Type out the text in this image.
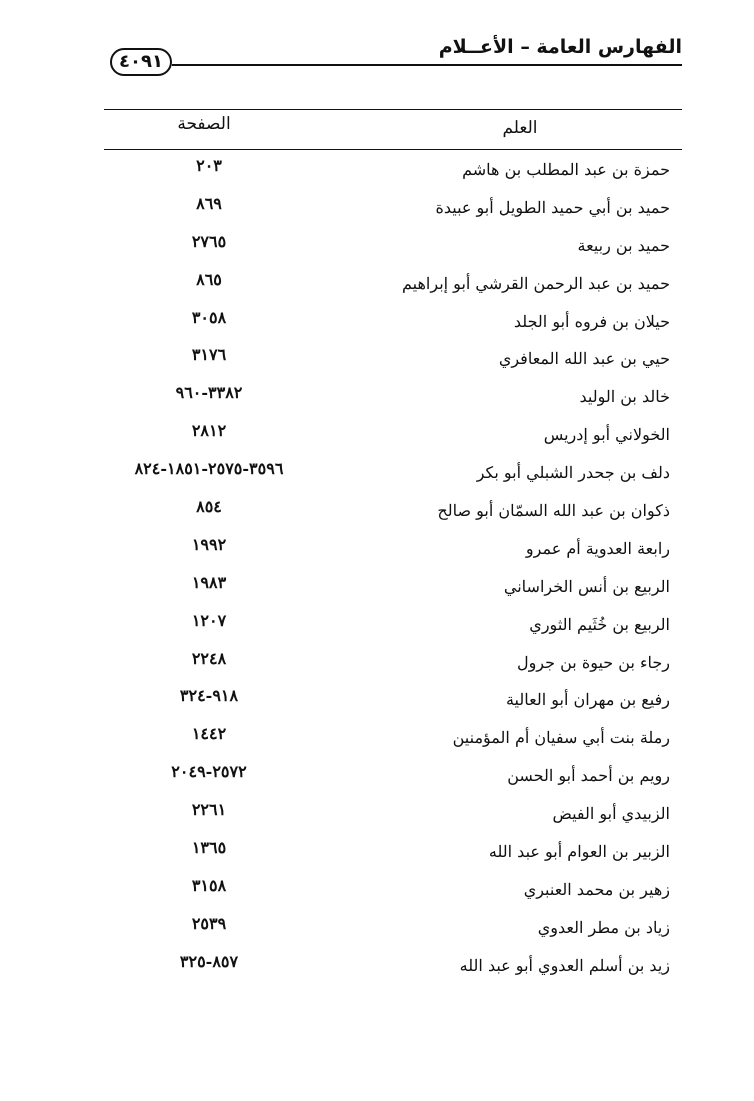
الفهارس العامة – الأعــلام
٤٠٩١
العلم
الصفحة
حمزة بن عبد المطلب بن هاشم
٢٠٣
حميد بن أبي حميد الطويل أبو عبيدة
٨٦٩
حميد بن ربيعة
٢٧٦٥
حميد بن عبد الرحمن القرشي أبو إبراهيم
٨٦٥
حيلان بن فروه أبو الجلد
٣٠٥٨
حيي بن عبد الله المعافري
٣١٧٦
خالد بن الوليد
٣٣٨٢-٩٦٠
الخولاني أبو إدريس
٢٨١٢
دلف بن جحدر الشبلي أبو بكر
٣٥٩٦-٢٥٧٥-١٨٥١-٨٢٤
ذكوان بن عبد الله السمّان أبو صالح
٨٥٤
رابعة العدوية أم عمرو
١٩٩٢
الربيع بن أنس الخراساني
١٩٨٣
الربيع بن خُثَيم الثوري
١٢٠٧
رجاء بن حيوة بن جرول
٢٢٤٨
رفيع بن مهران أبو العالية
٩١٨-٣٢٤
رملة بنت أبي سفيان أم المؤمنين
١٤٤٢
رويم بن أحمد أبو الحسن
٢٥٧٢-٢٠٤٩
الزبيدي أبو الفيض
٢٢٦١
الزبير بن العوام أبو عبد الله
١٣٦٥
زهير بن محمد العنبري
٣١٥٨
زياد بن مطر العدوي
٢٥٣٩
زيد بن أسلم العدوي أبو عبد الله
٨٥٧-٣٢٥
